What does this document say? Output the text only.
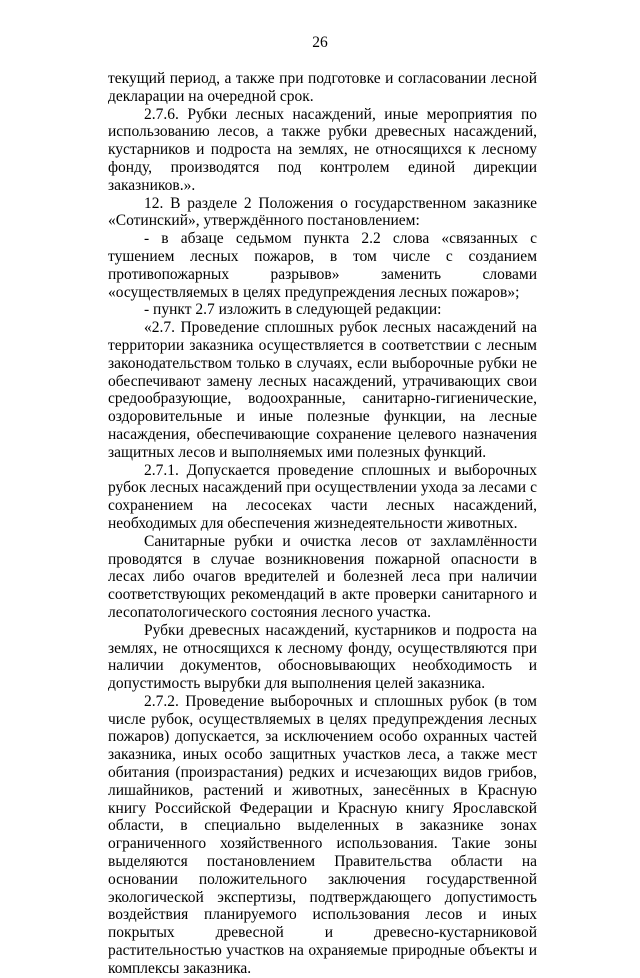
26

текущий период, а также при подготовке и согласовании лесной декларации на очередной срок.

2.7.6. Рубки лесных насаждений, иные мероприятия по использованию лесов, а также рубки древесных насаждений, кустарников и подроста на землях, не относящихся к лесному фонду, производятся под контролем единой дирекции заказников.».

12. В разделе 2 Положения о государственном заказнике «Сотинский», утверждённого постановлением:

- в абзаце седьмом пункта 2.2 слова «связанных с тушением лесных пожаров, в том числе с созданием противопожарных разрывов» заменить словами «осуществляемых в целях предупреждения лесных пожаров»;

- пункт 2.7 изложить в следующей редакции:

«2.7. Проведение сплошных рубок лесных насаждений на территории заказника осуществляется в соответствии с лесным законодательством только в случаях, если выборочные рубки не обеспечивают замену лесных насаждений, утрачивающих свои средообразующие, водоохранные, санитарно-гигиенические, оздоровительные и иные полезные функции, на лесные насаждения, обеспечивающие сохранение целевого назначения защитных лесов и выполняемых ими полезных функций.

2.7.1. Допускается проведение сплошных и выборочных рубок лесных насаждений при осуществлении ухода за лесами с сохранением на лесосеках части лесных насаждений, необходимых для обеспечения жизнедеятельности животных.

Санитарные рубки и очистка лесов от захламлённости проводятся в случае возникновения пожарной опасности в лесах либо очагов вредителей и болезней леса при наличии соответствующих рекомендаций в акте проверки санитарного и лесопатологического состояния лесного участка.

Рубки древесных насаждений, кустарников и подроста на землях, не относящихся к лесному фонду, осуществляются при наличии документов, обосновывающих необходимость и допустимость вырубки для выполнения целей заказника.

2.7.2. Проведение выборочных и сплошных рубок (в том числе рубок, осуществляемых в целях предупреждения лесных пожаров) допускается, за исключением особо охранных частей заказника, иных особо защитных участков леса, а также мест обитания (произрастания) редких и исчезающих видов грибов, лишайников, растений и животных, занесённых в Красную книгу Российской Федерации и Красную книгу Ярославской области, в специально выделенных в заказнике зонах ограниченного хозяйственного использования. Такие зоны выделяются постановлением Правительства области на основании положительного заключения государственной экологической экспертизы, подтверждающего допустимость воздействия планируемого использования лесов и иных покрытых древесной и древесно-кустарниковой растительностью участков на охраняемые природные объекты и комплексы заказника.
